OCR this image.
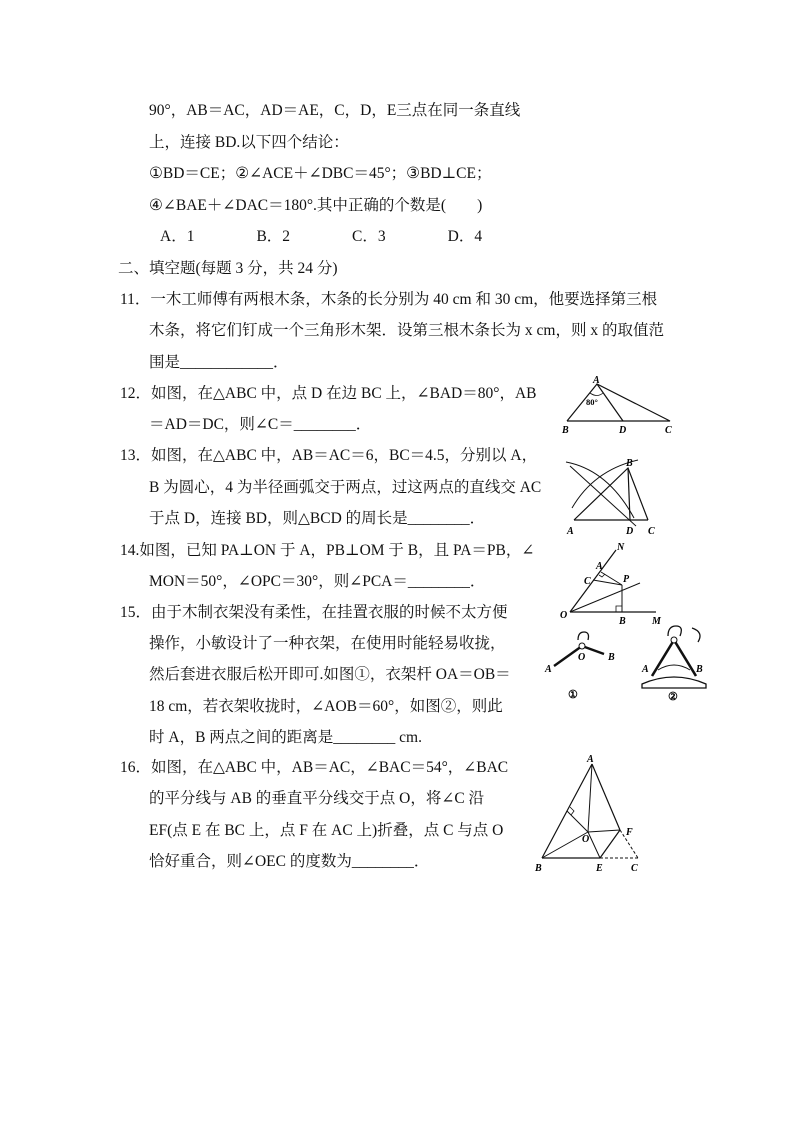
90°，AB＝AC，AD＝AE，C，D，E三点在同一条直线
上，连接 BD.以下四个结论：
①BD＝CE；②∠ACE＋∠DBC＝45°；③BD⊥CE；
④∠BAE＋∠DAC＝180°.其中正确的个数是(　　)
A．1　　　　B．2　　　　C．3　　　　D．4
二、填空题(每题 3 分，共 24 分)
11．一木工师傅有两根木条，木条的长分别为 40 cm 和 30 cm，他要选择第三根
木条，将它们钉成一个三角形木架．设第三根木条长为 x cm，则 x 的取值范
围是____________．
12．如图，在△ABC 中，点 D 在边 BC 上，∠BAD＝80°，AB
＝AD＝DC，则∠C＝________．
A
B	C
D
80°
13．如图，在△ABC 中，AB＝AC＝6，BC＝4.5，分别以 A，
B 为圆心，4 为半径画弧交于两点，过这两点的直线交 AC
于点 D，连接 BD，则△BCD 的周长是________．
A
B
C
D
14.如图，已知 PA⊥ON 于 A，PB⊥OM 于 B，且 PA＝PB，∠
MON＝50°，∠OPC＝30°，则∠PCA＝________．
N
C
A
P
O
B	M
15．由于木制衣架没有柔性，在挂置衣服的时候不太方便
操作，小敏设计了一种衣架，在使用时能轻易收拢，
然后套进衣服后松开即可.如图①，衣架杆 OA＝OB＝
18 cm，若衣架收拢时，∠AOB＝60°，如图②，则此
时 A，B 两点之间的距离是________ cm.
A
O B
①
A	B
②
16．如图，在△ABC 中，AB＝AC，∠BAC＝54°，∠BAC
的平分线与 AB 的垂直平分线交于点 O，将∠C 沿
EF(点 E 在 BC 上，点 F 在 AC 上)折叠，点 C 与点 O
恰好重合，则∠OEC 的度数为________．
A
B	C
E
F
O
